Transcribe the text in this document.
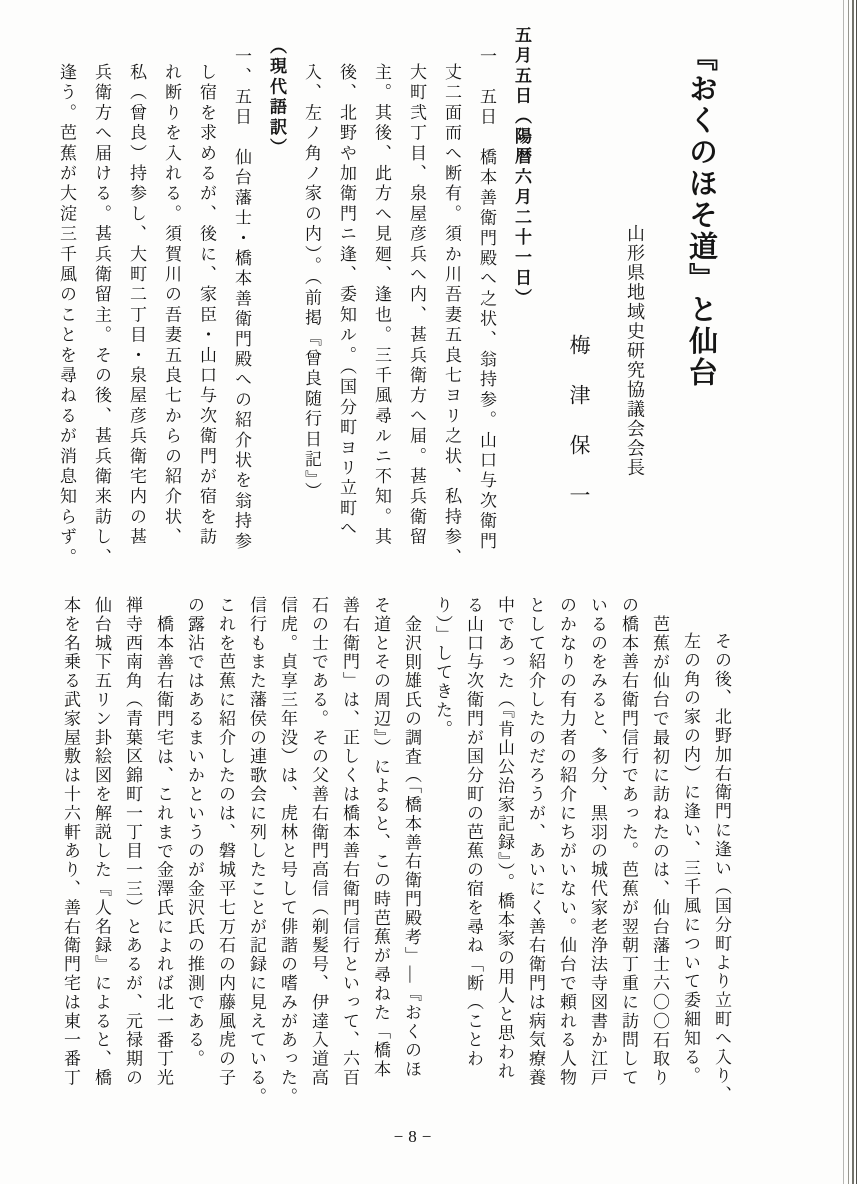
『おくのほそ道』と仙台
山形県地域史研究協議会会長
梅　津　保　一
五月五日（陽暦六月二十一日）
一　五日　橋本善衛門殿へ之状、翁持参。山口与次衛門
丈二面而へ断有。須か川吾妻五良七ヨリ之状、私持参、
大町弐丁目、泉屋彦兵へ内、甚兵衛方へ届。甚兵衛留
主。其後、此方へ見廻、逢也。三千風尋ルニ不知。其
後、北野や加衛門ニ逢、委知ル。（国分町ヨリ立町へ
入、左ノ角ノ家の内）。（前掲『曾良随行日記』）
（現代語訳）
一、五日　仙台藩士・橋本善衛門殿への紹介状を翁持参
し宿を求めるが、後に、家臣・山口与次衛門が宿を訪
れ断りを入れる。須賀川の吾妻五良七からの紹介状、
私（曾良）持参し、大町二丁目・泉屋彦兵衛宅内の甚
兵衛方へ届ける。甚兵衛留主。その後、甚兵衛来訪し、
逢う。芭蕉が大淀三千風のことを尋ねるが消息知らず。
その後、北野加右衛門に逢い（国分町より立町へ入り、
左の角の家の内）に逢い、三千風について委細知る。
芭蕉が仙台で最初に訪ねたのは、仙台藩士六〇〇石取り
の橋本善右衛門信行であった。芭蕉が翌朝丁重に訪問して
いるのをみると、多分、黒羽の城代家老浄法寺図書か江戸
のかなりの有力者の紹介にちがいない。仙台で頼れる人物
として紹介したのだろうが、あいにく善右衛門は病気療養
中であった（『肯山公治家記録』）。橋本家の用人と思われ
る山口与次衛門が国分町の芭蕉の宿を尋ね「断（ことわ
り）」してきた。
金沢則雄氏の調査（「橋本善右衛門殿考」―『おくのほ
そ道とその周辺』）によると、この時芭蕉が尋ねた「橋本
善右衛門」は、正しくは橋本善右衛門信行といって、六百
石の士である。その父善右衛門高信（剃髪号、伊達入道高
信虎。貞享三年没）は、虎林と号して俳諧の嗜みがあった。
信行もまた藩侯の連歌会に列したことが記録に見えている。
これを芭蕉に紹介したのは、磐城平七万石の内藤風虎の子
の露沾ではあるまいかというのが金沢氏の推測である。
橋本善右衛門宅は、これまで金澤氏によれば北一番丁光
禅寺西南角（青葉区錦町一丁目一三）とあるが、元禄期の
仙台城下五リン卦絵図を解説した『人名録』によると、橋
本を名乗る武家屋敷は十六軒あり、善右衛門宅は東一番丁
−8−
